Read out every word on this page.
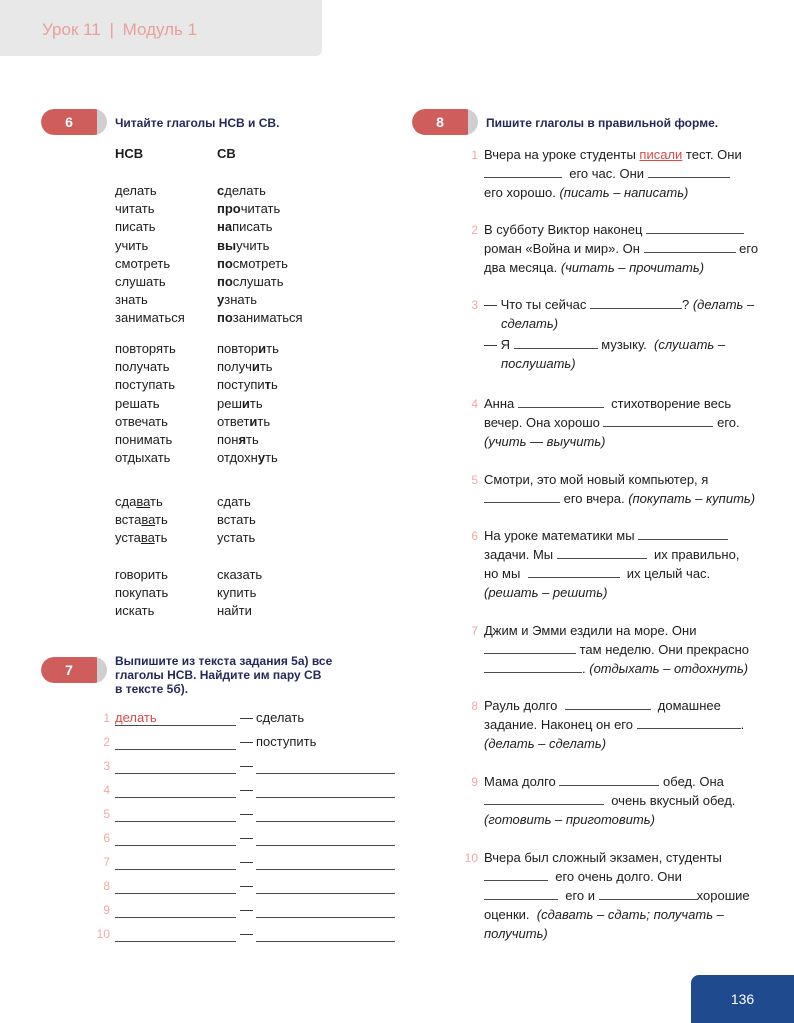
Урок 11 | Модуль 1
6	Читайте глаголы НСВ и СВ.
НСВ	СВ
делать	сделать
читать	прочитать
писать	написать
учить	выучить
смотреть	посмотреть
слушать	послушать
знать	узнать
заниматься позаниматься
повторять	повторить
получать	получить
поступать	поступить
решать	решить
отвечать	ответить
понимать	понять
отдыхать	отдохнуть
сдавать	сдать
вставать	встать
уставать	устать
говорить	сказать
покупать	купить
искать	найти
7
Выпишите из текста задания 5а) все
глаголы НСВ. Найдите им пару СВ
в тексте 5б).
1 делать	— сделать
2	— поступить
3	—
4	—
5	—
6	—
7	—
8	—
9	—
10	—
8	Пишите глаголы в правильной форме.
1 Вчера на уроке студенты писали тест. Они
его час. Они
его хорошо. (писать – написать)
2 В субботу Виктор наконец
роман «Война и мир». Он	его
два месяца. (читать – прочитать)
3 — Что ты сейчас	? (делать –
сделать)
— Я	музыку. (слушать –
послушать)
4 Анна	стихотворение весь
вечер. Она хорошо	его.
(учить — выучить)
5 Смотри, это мой новый компьютер, я
его вчера. (покупать – купить)
6 На уроке математики мы
задачи. Мы	их правильно,
но мы	их целый час.
(решать – решить)
7 Джим и Эмми ездили на море. Они
там неделю. Они прекрасно
. (отдыхать – отдохнуть)
8 Рауль долго	домашнее
задание. Наконец он его	.
(делать – сделать)
9 Мама долго	обед. Она
очень вкусный обед.
(готовить – приготовить)
10 Вчера был сложный экзамен, студенты
его очень долго. Они
его и	хорошие
оценки. (сдавать – сдать; получать –
получить)
136
